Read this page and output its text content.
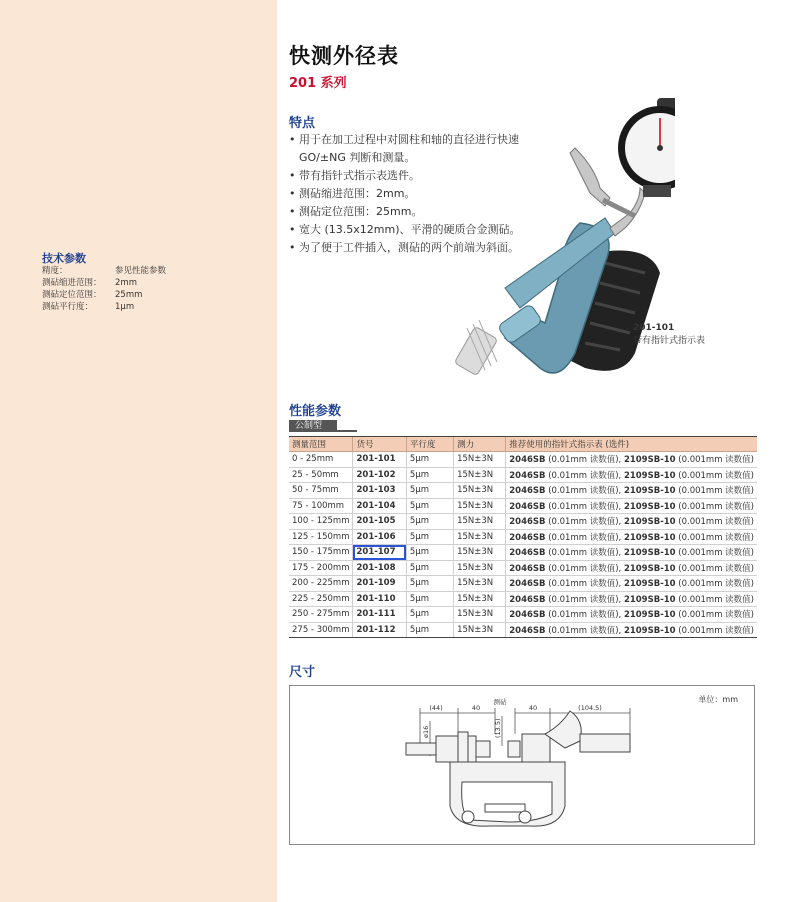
技术参数
精度：	参见性能参数
测砧缩进范围：	2mm
测砧定位范围：	25mm
测砧平行度：	1μm
快测外径表
201 系列
特点
• 用于在加工过程中对圆柱和轴的直径进行快速 GO/±NG 判断和测量。
• 带有指针式指示表选件。
• 测砧缩进范围：2mm。
• 测砧定位范围：25mm。
• 宽大 (13.5x12mm)、平滑的硬质合金测砧。
• 为了便于工件插入，测砧的两个前端为斜面。
201-101
带有指针式指示表
性能参数
公制型
测量范围	货号	平行度	测力	推荐使用的指针式指示表 (选件)
0 - 25mm	201-101	5μm	15N±3N	2046SB (0.01mm 读数值), 2109SB-10 (0.001mm 读数值)
25 - 50mm	201-102	5μm	15N±3N	2046SB (0.01mm 读数值), 2109SB-10 (0.001mm 读数值)
50 - 75mm	201-103	5μm	15N±3N	2046SB (0.01mm 读数值), 2109SB-10 (0.001mm 读数值)
75 - 100mm	201-104	5μm	15N±3N	2046SB (0.01mm 读数值), 2109SB-10 (0.001mm 读数值)
100 - 125mm	201-105	5μm	15N±3N	2046SB (0.01mm 读数值), 2109SB-10 (0.001mm 读数值)
125 - 150mm	201-106	5μm	15N±3N	2046SB (0.01mm 读数值), 2109SB-10 (0.001mm 读数值)
150 - 175mm	201-107	5μm	15N±3N	2046SB (0.01mm 读数值), 2109SB-10 (0.001mm 读数值)
175 - 200mm	201-108	5μm	15N±3N	2046SB (0.01mm 读数值), 2109SB-10 (0.001mm 读数值)
200 - 225mm	201-109	5μm	15N±3N	2046SB (0.01mm 读数值), 2109SB-10 (0.001mm 读数值)
225 - 250mm	201-110	5μm	15N±3N	2046SB (0.01mm 读数值), 2109SB-10 (0.001mm 读数值)
250 - 275mm	201-111	5μm	15N±3N	2046SB (0.01mm 读数值), 2109SB-10 (0.001mm 读数值)
275 - 300mm	201-112	5μm	15N±3N	2046SB (0.01mm 读数值), 2109SB-10 (0.001mm 读数值)
尺寸
单位：mm
(44)	40
测砧
40	(104.5)
ø16	(13.5)
